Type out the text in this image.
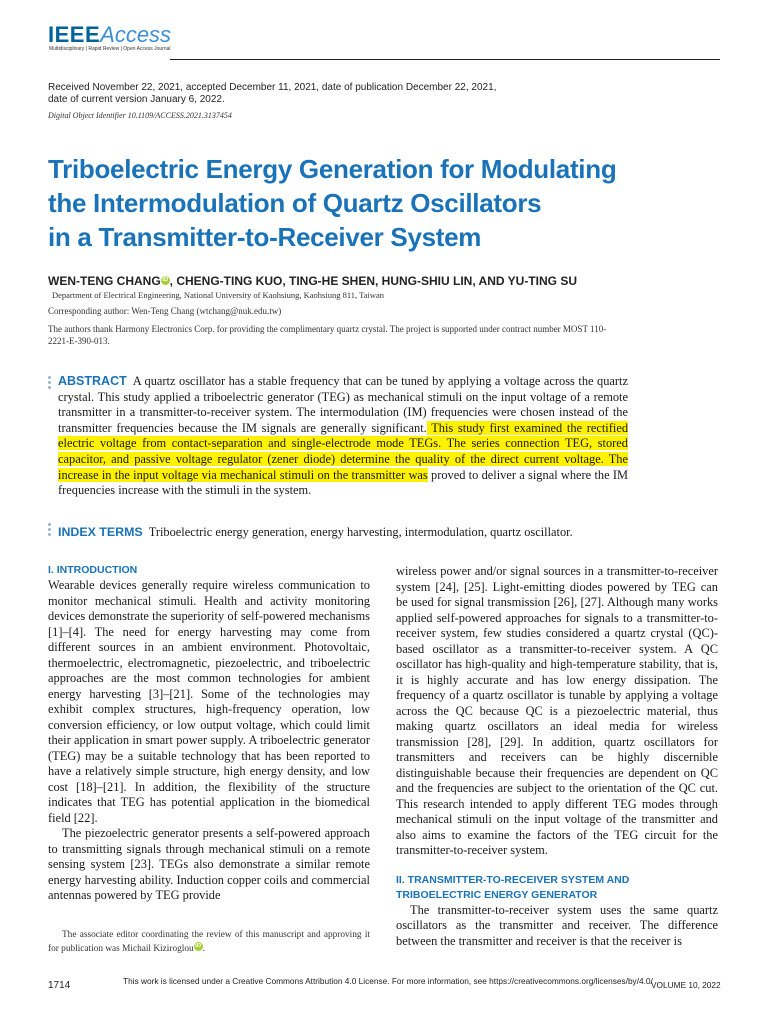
IEEEAccess
Multidisciplinary | Rapid Review | Open Access Journal
Received November 22, 2021, accepted December 11, 2021, date of publication December 22, 2021,
date of current version January 6, 2022.
Digital Object Identifier 10.1109/ACCESS.2021.3137454
Triboelectric Energy Generation for Modulating
the Intermodulation of Quartz Oscillators
in a Transmitter-to-Receiver System
WEN-TENG CHANG iD , CHENG-TING KUO, TING-HE SHEN, HUNG-SHIU LIN, AND YU-TING SU
Department of Electrical Engineering, National University of Kaohsiung, Kaohsiung 811, Taiwan
Corresponding author: Wen-Teng Chang (wtchang@nuk.edu.tw)
The authors thank Harmony Electronics Corp. for providing the complimentary quartz crystal. The project is supported under contract number MOST 110-2221-E-390-013.
ABSTRACT A quartz oscillator has a stable frequency that can be tuned by applying a voltage across the quartz crystal. This study applied a triboelectric generator (TEG) as mechanical stimuli on the input voltage of a remote transmitter in a transmitter-to-receiver system. The intermodulation (IM) frequencies were chosen instead of the transmitter frequencies because the IM signals are generally significant. This study first examined the rectified electric voltage from contact-separation and single-electrode mode TEGs. The series connection TEG, stored capacitor, and passive voltage regulator (zener diode) determine the quality of the direct current voltage. The increase in the input voltage via mechanical stimuli on the transmitter was proved to deliver a signal where the IM frequencies increase with the stimuli in the system.
INDEX TERMS Triboelectric energy generation, energy harvesting, intermodulation, quartz oscillator.
I. INTRODUCTION

Wearable devices generally require wireless communication to monitor mechanical stimuli. Health and activity monitoring devices demonstrate the superiority of self-powered mechanisms [1]–[4]. The need for energy harvesting may come from different sources in an ambient environment. Photovoltaic, thermoelectric, electromagnetic, piezoelectric, and triboelectric approaches are the most common technologies for ambient energy harvesting [3]–[21]. Some of the technologies may exhibit complex structures, high-frequency operation, low conversion efficiency, or low output voltage, which could limit their application in smart power supply. A triboelectric generator (TEG) may be a suitable technology that has been reported to have a relatively simple structure, high energy density, and low cost [18]–[21]. In addition, the flexibility of the structure indicates that TEG has potential application in the biomedical field [22].

The piezoelectric generator presents a self-powered approach to transmitting signals through mechanical stimuli on a remote sensing system [23]. TEGs also demonstrate a similar remote energy harvesting ability. Induction copper coils and commercial antennas powered by TEG provide

wireless power and/or signal sources in a transmitter-to-receiver system [24], [25]. Light-emitting diodes powered by TEG can be used for signal transmission [26], [27]. Although many works applied self-powered approaches for signals to a transmitter-to-receiver system, few studies considered a quartz crystal (QC)-based oscillator as a transmitter-to-receiver system. A QC oscillator has high-quality and high-temperature stability, that is, it is highly accurate and has low energy dissipation. The frequency of a quartz oscillator is tunable by applying a voltage across the QC because QC is a piezoelectric material, thus making quartz oscillators an ideal media for wireless transmission [28], [29]. In addition, quartz oscillators for transmitters and receivers can be highly discernible distinguishable because their frequencies are dependent on QC and the frequencies are subject to the orientation of the QC cut. This research intended to apply different TEG modes through mechanical stimuli on the input voltage of the transmitter and also aims to examine the factors of the TEG circuit for the transmitter-to-receiver system.

II. TRANSMITTER-TO-RECEIVER SYSTEM AND
TRIBOELECTRIC ENERGY GENERATOR

The transmitter-to-receiver system uses the same quartz oscillators as the transmitter and receiver. The difference between the transmitter and receiver is that the receiver is

The associate editor coordinating the review of this manuscript and approving it for publication was Michail Kiziroglou iD .
1714	This work is licensed under a Creative Commons Attribution 4.0 License. For more information, see https://creativecommons.org/licenses/by/4.0/
VOLUME 10, 2022
